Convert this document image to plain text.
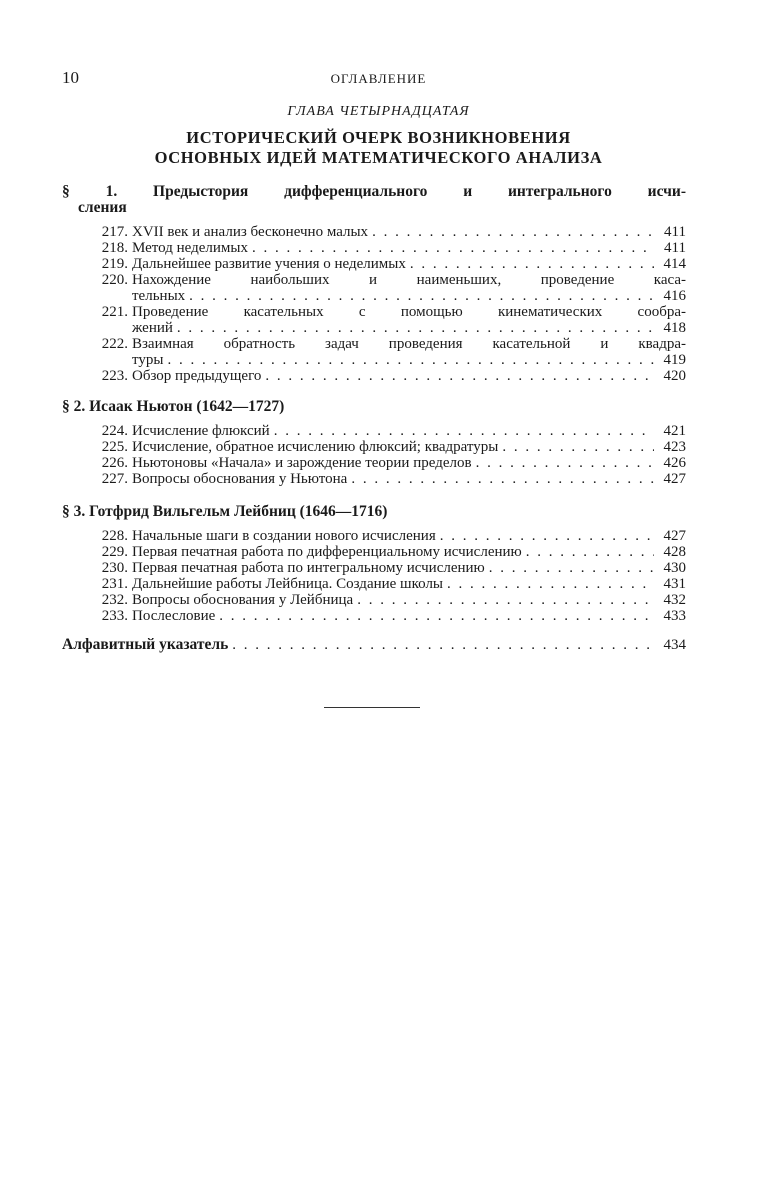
10	ОГЛАВЛЕНИЕ
ГЛАВА ЧЕТЫРНАДЦАТАЯ
ИСТОРИЧЕСКИЙ ОЧЕРК ВОЗНИКНОВЕНИЯ
ОСНОВНЫХ ИДЕЙ МАТЕМАТИЧЕСКОГО АНАЛИЗА
§ 1. Предыстория дифференциального и интегрального исчи-
сления
217. XVII век и анализ бесконечно малых . . .	411
218. Метод неделимых . . .	411
219. Дальнейшее развитие учения о неделимых . . .	414
220. Нахождение наибольших и наименьших, проведение каса-
тельных . . .	416
221. Проведение касательных с помощью кинематических сообра-
жений . . .	418
222. Взаимная обратность задач проведения касательной и квадра-
туры . . .	419
223. Обзор предыдущего . . .	420
§ 2. Исаак Ньютон (1642—1727)
224. Исчисление флюксий . . .	421
225. Исчисление, обратное исчислению флюксий; квадратуры . . .	423
226. Ньютоновы «Начала» и зарождение теории пределов . . .	426
227. Вопросы обоснования у Ньютона . . .	427
§ 3. Готфрид Вильгельм Лейбниц (1646—1716)
228. Начальные шаги в создании нового исчисления . . .	427
229. Первая печатная работа по дифференциальному исчислению . . .	428
230. Первая печатная работа по интегральному исчислению . . .	430
231. Дальнейшие работы Лейбница. Создание школы . . .	431
232. Вопросы обоснования у Лейбница . . .	432
233. Послесловие . . .	433
Алфавитный указатель . . .	434
